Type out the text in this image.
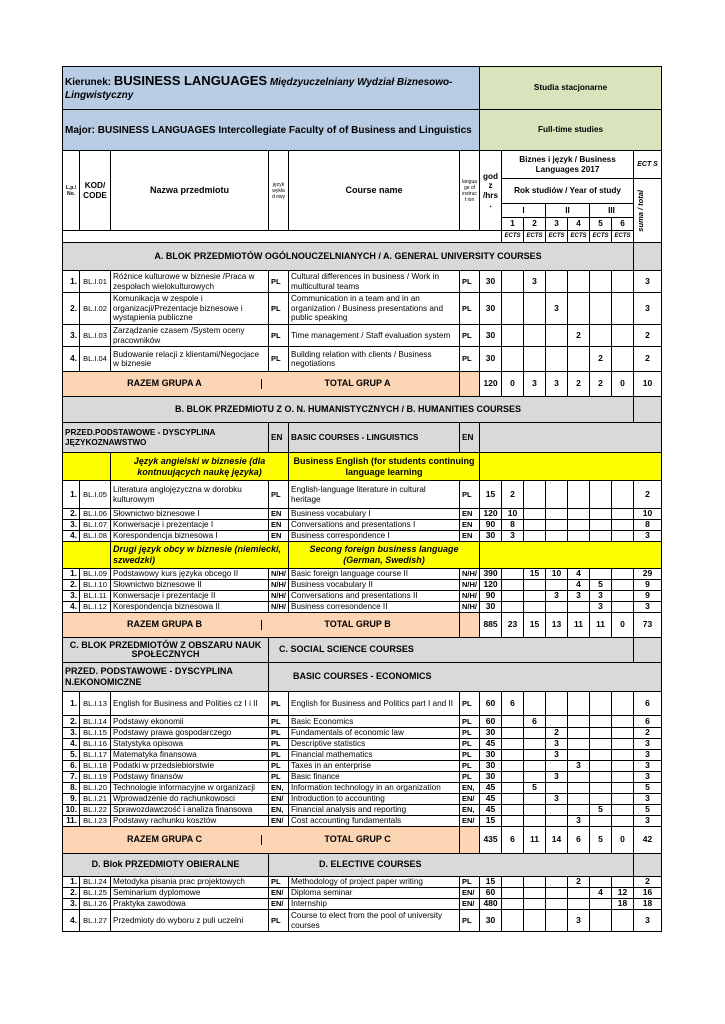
Kierunek: BUSINESS LANGUAGES Międzyuczelniany Wydział Biznesowo-Lingwistyczny						Studia stacjonarne							
Major: BUSINESS LANGUAGES Intercollegiate Faculty of of Business and Linguistics						Full-time studies							
L.p./ No.	KOD/ CODE	Nazwa przedmiotu	język wykład owy	Course name	langua ge of instruct ion	godz /hrs.	Biznes i język / Business Languages 2017						ECT S
							Rok studiów / Year of study						suma / total

							I		II		III		
							1	2	3	4	5	6	
							ECTS	ECTS	ECTS	ECTS	ECTS	ECTS	
A. BLOK PRZEDMIOTÓW OGÓLNOUCZELNIANYCH / A. GENERAL UNIVERSITY COURSES													
1.	BL.I.01	Różnice kulturowe w biznesie /Praca w zespołach wielokulturowych	PL	Cultural differences in business / Work in multicultural teams	PL	30		3					3
2.	BL.I.02	Komunikacja w zespole i organizacji/Prezentacje biznesowe i wystąpienia publiczne	PL	Communication in a team and in an organization / Business presentations and public speaking	PL	30			3				3
3.	BL.I.03	Zarządzanie czasem /System oceny pracowników	PL	Time management / Staff evaluation system	PL	30				2			2
4.	BL.I.04	Budowanie relacji z klientami/Negocjace w biznesie	PL	Building relation with clients / Business negotiations	PL	30					2		2
RAZEM GRUPA A TOTAL GRUP A						120	0	3	3	2	2	0	10
B. BLOK PRZEDMIOTU Z O. N. HUMANISTYCZNYCH / B. HUMANITIES COURSES													
PRZED.PODSTAWOWE - DYSCYPLINA JĘZYKOZNAWSTWO			EN	BASIC COURSES - LINGUISTICS	EN								
		Język angielski w biznesie (dla kontnuujących naukę języka)		Business English (for students continuing language learning									
1.	BL.I.05	Literatura anglojęzyczna w dorobku kulturowym	PL	English-language literature in cultural heritage	PL	15	2						2
2.	BL.I.06	Słownictwo biznesowe I	EN	Business vocabulary I	EN	120	10						10
3.	BL.I.07	Konwersacje i prezentacje I	EN	Conversations and presentations I	EN	90	8						8
4.	BL.I.08	Korespondencja biznesowa I	EN	Business correspondence I	EN	30	3						3
		Drugi język obcy w biznesie (niemiecki, szwedzki)		Secong foreign business language (German, Swedish)									
1.	BL.I.09	Podstawowy kurs języka obcego II	N/H/	Basic foreign language course II	N/H/	390		15	10	4			29
2.	BL.I.10	Słownictwo biznesowe II	N/H/	Business vocabulary II	N/H/	120				4	5		9
3.	BL.I.11	Konwersacje i prezentacje II	N/H/	Conversations and presentations II	N/H/	90			3	3	3		9
4.	BL.I.12	Korespondencja biznesowa II	N/H/	Business corresondence II	N/H/	30					3		3
RAZEM GRUPA B TOTAL GRUP B						885	23	15	13	11	11	0	73
C. BLOK PRZEDMIOTÓW Z OBSZARU NAUK SPOŁECZNYCH			C. SOCIAL SCIENCE COURSES										
PRZED. PODSTAWOWE - DYSCYPLINA N.EKONOMICZNE			BASIC COURSES - ECONOMICS										
1.	BL.I.13	English for Business and Polities cz I i II	PL	English for Business and Politics part I and II	PL	60	6						6
2.	BL.I.14	Podstawy ekonomii	PL	Basic Economics	PL	60		6					6
3.	BL.I.15	Podstawy prawa gospodarczego	PL	Fundamentals of economic law	PL	30			2				2
4.	BL.I.16	Statystyka opisowa	PL	Descriptive statistics	PL	45			3				3
5.	BL.I.17	Matematyka finansowa	PL	Financial mathematics	PL	30			3				3
6.	BL.I.18	Podatki w przedsiebiorstwie	PL	Taxes in an enterprise	PL	30				3			3
7.	BL.I.19	Podstawy finansów	PL	Basic finance	PL	30			3				3
8.	BL.I.20	Technologie informacyjne w organizacji	EN,	Information technology in an organization	EN,	45		5					5
9.	BL.I.21	Wprowadzenie do rachunkowosci	EN/	Introduction to accounting	EN/	45			3				3
10.	BL.I.22	Sprawozdawczość i analiza finansowa	EN,	Financial analysis and reporting	EN,	45					5		5
11.	BL.I.23	Podstawy rachunku kosztów	EN/	Cost accounting fundamentals	EN/	15				3			3
RAZEM GRUPA C TOTAL GRUP C						435	6	11	14	6	5	0	42
D. Blok PRZEDMIOTY OBIERALNE			D. ELECTIVE COURSES										
1.	BL.I.24	Metodyka pisania prac projektowych	PL	Methodology of project paper writing	PL	15				2			2
2.	BL.I.25	Seminarium dyplomowe	EN/	Diploma seminar	EN/	60					4	12	16
3.	BL.I.26	Praktyka zawodowa	EN/	Internship	EN/	480						18	18
4.	BL.I.27	Przedmioty do wyboru z puli uczelni	PL	Course to elect from the pool of university courses	PL	30				3			3
